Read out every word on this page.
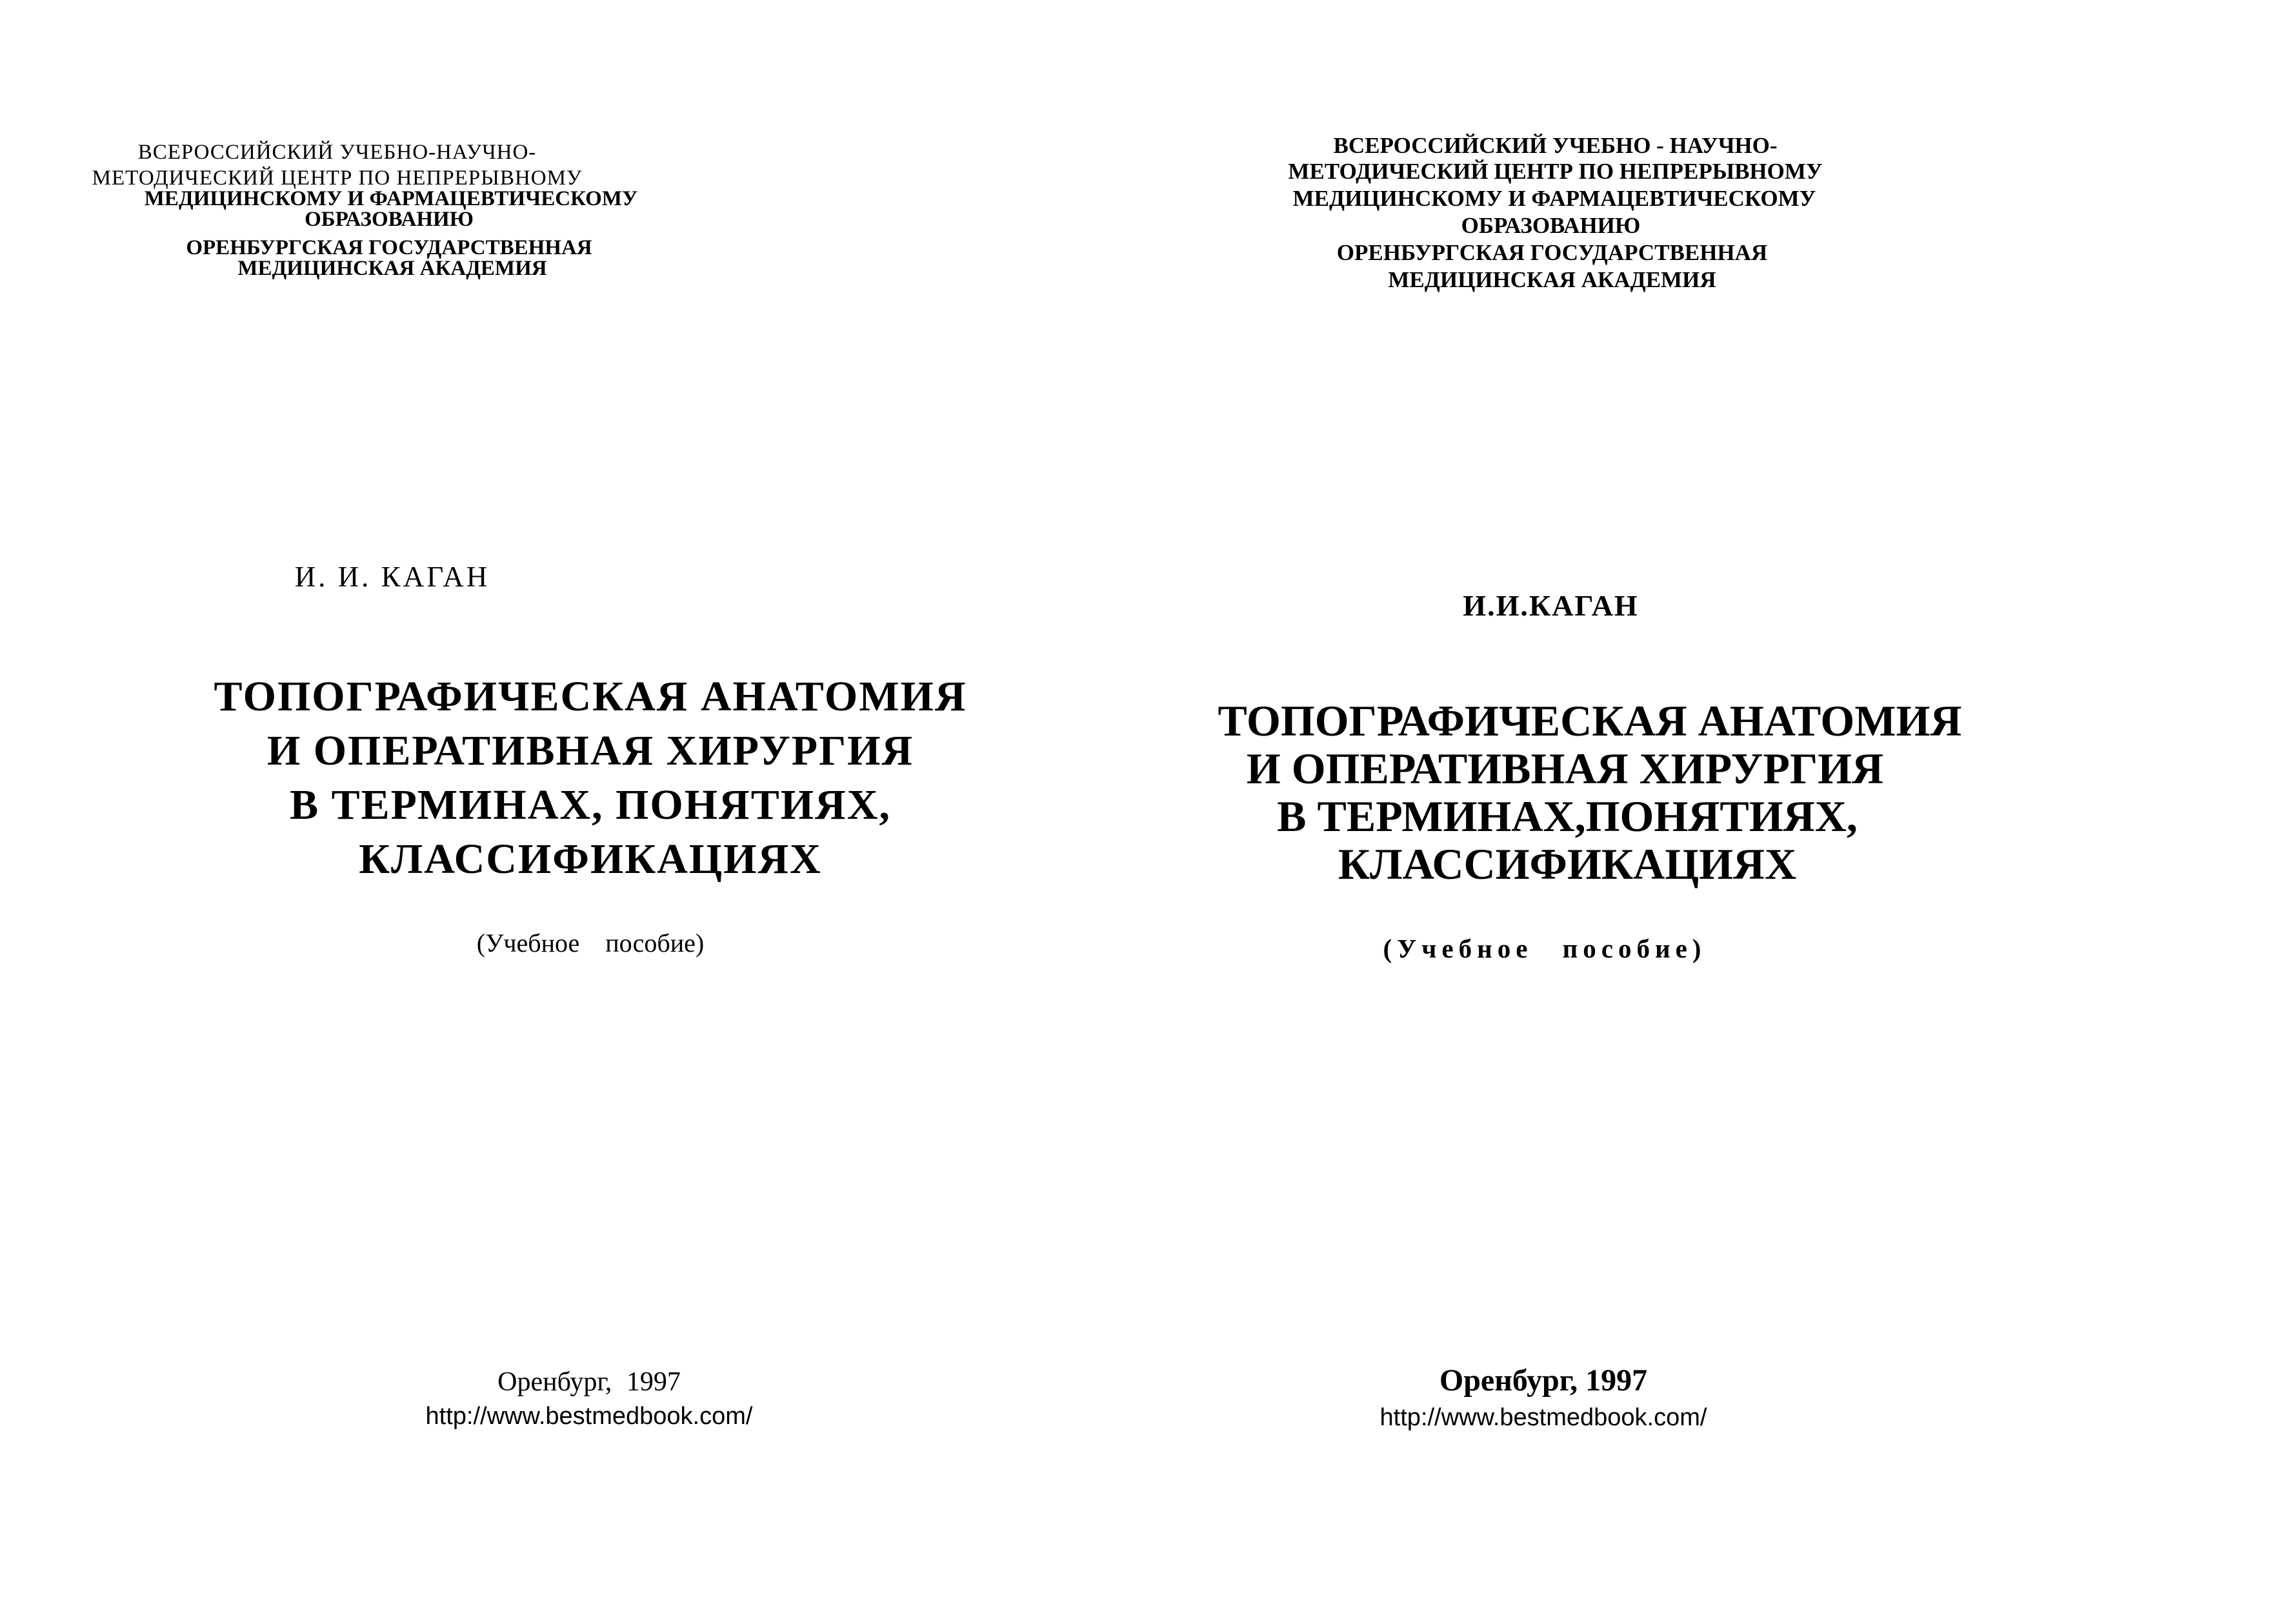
ВСЕРОССИЙСКИЙ УЧЕБНО-НАУЧНО-
МЕТОДИЧЕСКИЙ ЦЕНТР ПО НЕПРЕРЫВНОМУ
МЕДИЦИНСКОМУ И ФАРМАЦЕВТИЧЕСКОМУ
ОБРАЗОВАНИЮ
ОРЕНБУРГСКАЯ ГОСУДАРСТВЕННАЯ
МЕДИЦИНСКАЯ АКАДЕМИЯ
И. И. КАГАН
ТОПОГРАФИЧЕСКАЯ АНАТОМИЯ
И ОПЕРАТИВНАЯ ХИРУРГИЯ
В ТЕРМИНАХ, ПОНЯТИЯХ,
КЛАССИФИКАЦИЯХ
(Учебное пособие)
Оренбург, 1997
http://www.bestmedbook.com/
ВСЕРОССИЙСКИЙ УЧЕБНО - НАУЧНО-
МЕТОДИЧЕСКИЙ ЦЕНТР ПО НЕПРЕРЫВНОМУ
МЕДИЦИНСКОМУ И ФАРМАЦЕВТИЧЕСКОМУ
ОБРАЗОВАНИЮ
ОРЕНБУРГСКАЯ ГОСУДАРСТВЕННАЯ
МЕДИЦИНСКАЯ АКАДЕМИЯ
И.И.КАГАН
ТОПОГРАФИЧЕСКАЯ АНАТОМИЯ
И ОПЕРАТИВНАЯ ХИРУРГИЯ
В ТЕРМИНАХ,ПОНЯТИЯХ,
КЛАССИФИКАЦИЯХ
(Учебное пособие)
Оренбург, 1997
http://www.bestmedbook.com/
